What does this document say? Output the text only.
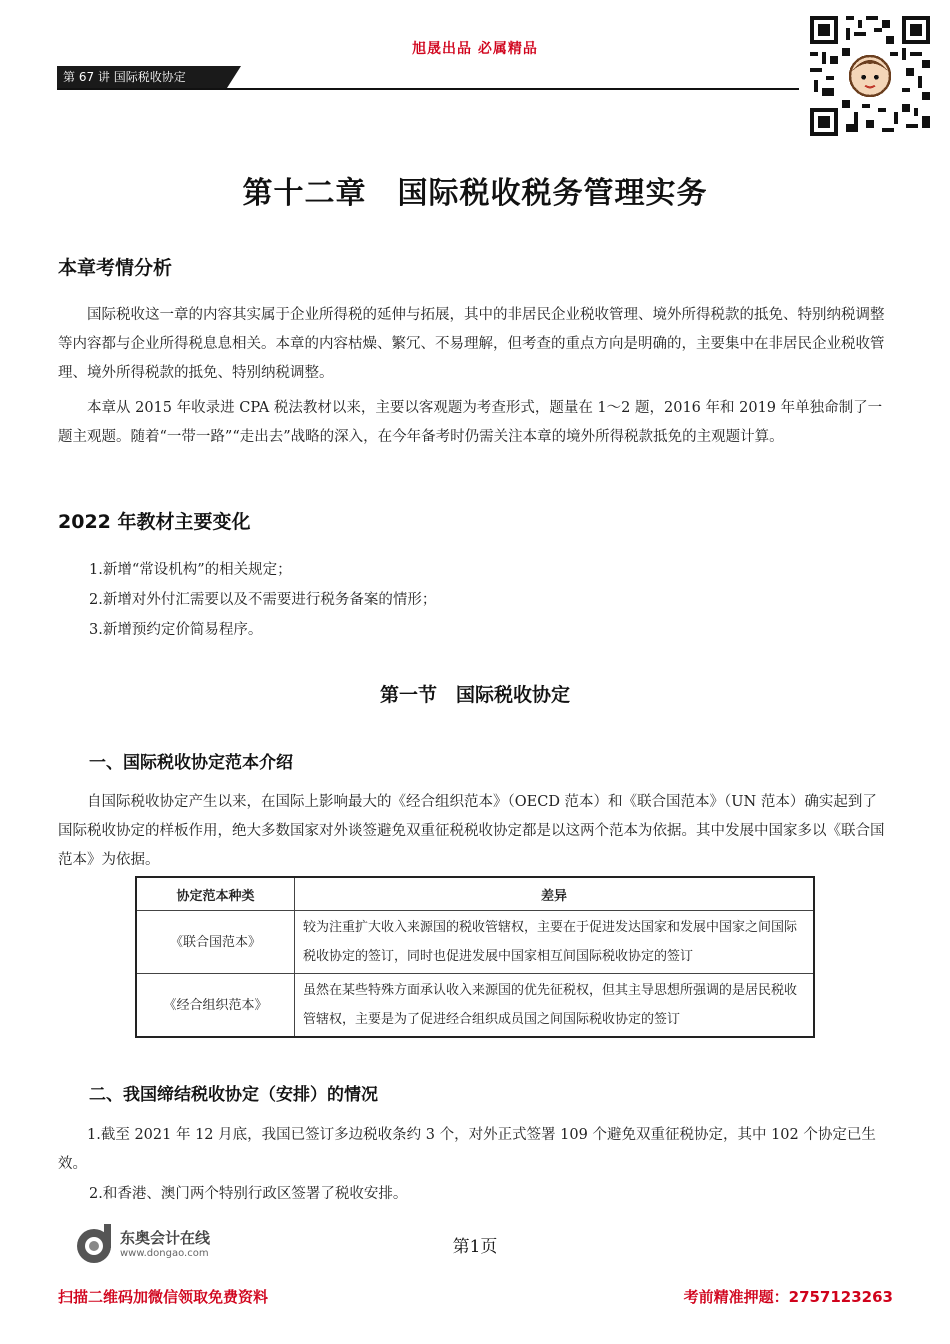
旭晟出品 必属精品
第 67 讲 国际税收协定
第十二章　国际税收税务管理实务
本章考情分析
国际税收这一章的内容其实属于企业所得税的延伸与拓展，其中的非居民企业税收管理、境外所得税款的抵免、特别纳税调整等内容都与企业所得税息息相关。本章的内容枯燥、繁冗、不易理解，但考查的重点方向是明确的，主要集中在非居民企业税收管理、境外所得税款的抵免、特别纳税调整。
本章从 2015 年收录进 CPA 税法教材以来，主要以客观题为考查形式，题量在 1～2 题，2016 年和 2019 年单独命制了一题主观题。随着“一带一路”“走出去”战略的深入，在今年备考时仍需关注本章的境外所得税款抵免的主观题计算。
2022 年教材主要变化
1.新增“常设机构”的相关规定；
2.新增对外付汇需要以及不需要进行税务备案的情形；
3.新增预约定价简易程序。
第一节　国际税收协定
一、国际税收协定范本介绍
自国际税收协定产生以来，在国际上影响最大的《经合组织范本》（OECD 范本）和《联合国范本》（UN 范本）确实起到了国际税收协定的样板作用，绝大多数国家对外谈签避免双重征税税收协定都是以这两个范本为依据。其中发展中国家多以《联合国范本》为依据。
协定范本种类	差异
《联合国范本》	较为注重扩大收入来源国的税收管辖权，主要在于促进发达国家和发展中国家之间国际税收协定的签订，同时也促进发展中国家相互间国际税收协定的签订
《经合组织范本》	虽然在某些特殊方面承认收入来源国的优先征税权，但其主导思想所强调的是居民税收管辖权，主要是为了促进经合组织成员国之间国际税收协定的签订
二、我国缔结税收协定（安排）的情况
1.截至 2021 年 12 月底，我国已签订多边税收条约 3 个，对外正式签署 109 个避免双重征税协定，其中 102 个协定已生效。
2.和香港、澳门两个特别行政区签署了税收安排。
东奥会计在线
www.dongao.com	第1页
扫描二维码加微信领取免费资料	考前精准押题：2757123263
